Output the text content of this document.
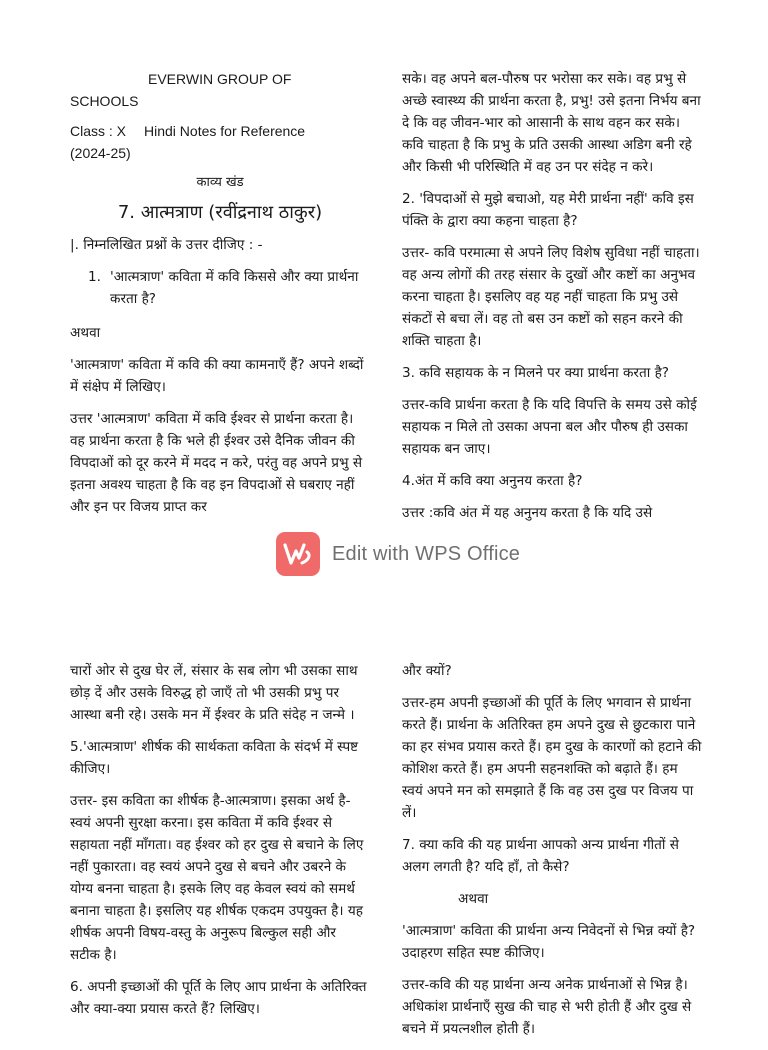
EVERWIN GROUP OF
SCHOOLS
Class : X Hindi Notes for Reference
(2024-25)
काव्य खंड
7. आत्मत्राण (रवींद्रनाथ ठाकुर)

|. निम्नलिखित प्रश्नों के उत्तर दीजिए : -

1. 'आत्मत्राण' कविता में कवि किससे और क्या प्रार्थना करता है?

अथवा

'आत्मत्राण' कविता में कवि की क्या कामनाएँ हैं? अपने शब्दों में संक्षेप में लिखिए।

उत्तर 'आत्मत्राण' कविता में कवि ईश्वर से प्रार्थना करता है। वह प्रार्थना करता है कि भले ही ईश्वर उसे दैनिक जीवन की विपदाओं को दूर करने में मदद न करे, परंतु वह अपने प्रभु से इतना अवश्य चाहता है कि वह इन विपदाओं से घबराए नहीं और इन पर विजय प्राप्त कर

सके। वह अपने बल-पौरुष पर भरोसा कर सके। वह प्रभु से अच्छे स्वास्थ्य की प्रार्थना करता है, प्रभु! उसे इतना निर्भय बना दे कि वह जीवन-भार को आसानी के साथ वहन कर सके। कवि चाहता है कि प्रभु के प्रति उसकी आस्था अडिग बनी रहे और किसी भी परिस्थिति में वह उन पर संदेह न करे।

2. 'विपदाओं से मुझे बचाओ, यह मेरी प्रार्थना नहीं' कवि इस पंक्ति के द्वारा क्या कहना चाहता है?

उत्तर- कवि परमात्मा से अपने लिए विशेष सुविधा नहीं चाहता। वह अन्य लोगों की तरह संसार के दुखों और कष्टों का अनुभव करना चाहता है। इसलिए वह यह नहीं चाहता कि प्रभु उसे संकटों से बचा लें। वह तो बस उन कष्टों को सहन करने की शक्ति चाहता है।

3. कवि सहायक के न मिलने पर क्या प्रार्थना करता है?

उत्तर-कवि प्रार्थना करता है कि यदि विपत्ति के समय उसे कोई सहायक न मिले तो उसका अपना बल और पौरुष ही उसका सहायक बन जाए।

4.अंत में कवि क्या अनुनय करता है?

उत्तर :कवि अंत में यह अनुनय करता है कि यदि उसे

Edit with WPS Office

चारों ओर से दुख घेर लें, संसार के सब लोग भी उसका साथ छोड़ दें और उसके विरुद्ध हो जाएँ तो भी उसकी प्रभु पर आस्था बनी रहे। उसके मन में ईश्वर के प्रति संदेह न जन्मे ।

5.'आत्मत्राण' शीर्षक की सार्थकता कविता के संदर्भ में स्पष्ट कीजिए।

उत्तर- इस कविता का शीर्षक है-आत्मत्राण। इसका अर्थ है-स्वयं अपनी सुरक्षा करना। इस कविता में कवि ईश्वर से सहायता नहीं माँगता। वह ईश्वर को हर दुख से बचाने के लिए नहीं पुकारता। वह स्वयं अपने दुख से बचने और उबरने के योग्य बनना चाहता है। इसके लिए वह केवल स्वयं को समर्थ बनाना चाहता है। इसलिए यह शीर्षक एकदम उपयुक्त है। यह शीर्षक अपनी विषय-वस्तु के अनुरूप बिल्कुल सही और सटीक है।

6. अपनी इच्छाओं की पूर्ति के लिए आप प्रार्थना के अतिरिक्त और क्या-क्या प्रयास करते हैं? लिखिए।

और क्यों?

उत्तर-हम अपनी इच्छाओं की पूर्ति के लिए भगवान से प्रार्थना करते हैं। प्रार्थना के अतिरिक्त हम अपने दुख से छुटकारा पाने का हर संभव प्रयास करते हैं। हम दुख के कारणों को हटाने की कोशिश करते हैं। हम अपनी सहनशक्ति को बढ़ाते हैं। हम स्वयं अपने मन को समझाते हैं कि वह उस दुख पर विजय पा लें।

7. क्या कवि की यह प्रार्थना आपको अन्य प्रार्थना गीतों से अलग लगती है? यदि हाँ, तो कैसे?

अथवा

'आत्मत्राण' कविता की प्रार्थना अन्य निवेदनों से भिन्न क्यों है? उदाहरण सहित स्पष्ट कीजिए।

उत्तर-कवि की यह प्रार्थना अन्य अनेक प्रार्थनाओं से भिन्न है। अधिकांश प्रार्थनाएँ सुख की चाह से भरी होती हैं और दुख से बचने में प्रयत्नशील होती हैं।
